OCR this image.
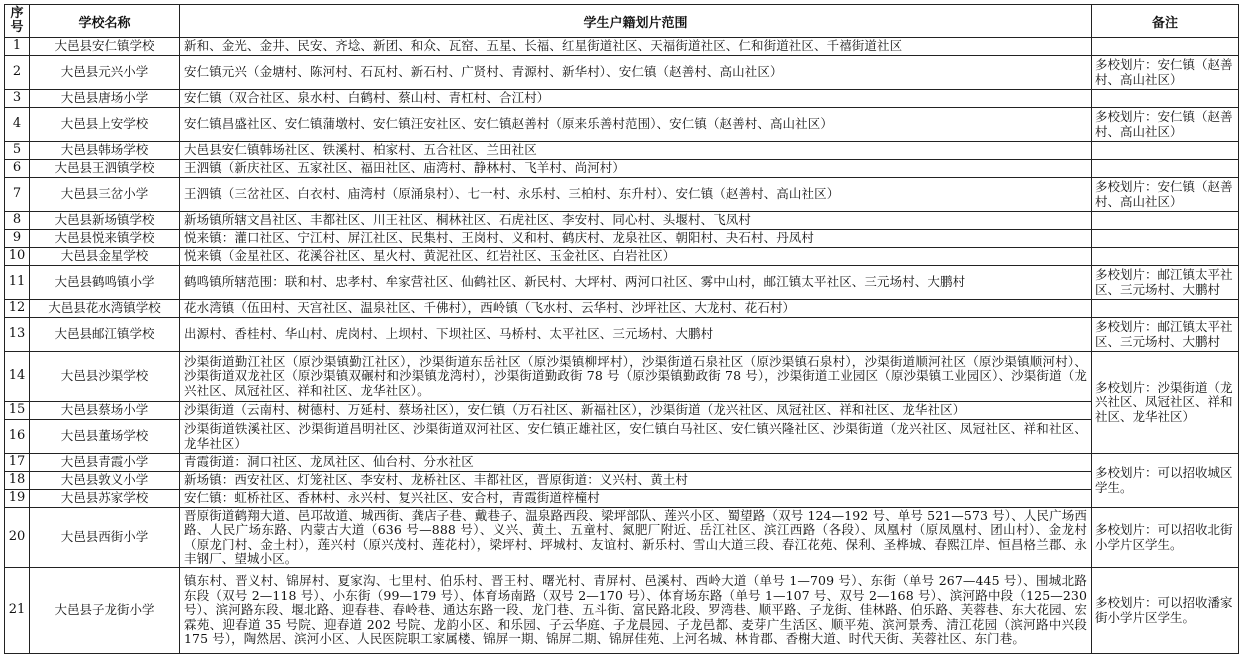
序号	学校名称	学生户籍划片范围	备注
1	大邑县安仁镇学校	新和、金光、金井、民安、齐埝、新团、和众、瓦窑、五星、长福、红星街道社区、天福街道社区、仁和街道社区、千禧街道社区	
2	大邑县元兴小学	安仁镇元兴（金塘村、陈河村、石瓦村、新石村、广贤村、青源村、新华村）、安仁镇（赵善村、高山社区）	多校划片：安仁镇（赵善村、高山社区）
3	大邑县唐场小学	安仁镇（双合社区、泉水村、白鹤村、蔡山村、青杠村、合江村）	
4	大邑县上安学校	安仁镇昌盛社区、安仁镇蒲墩村、安仁镇汪安社区、安仁镇赵善村（原来乐善村范围）、安仁镇（赵善村、高山社区）	多校划片：安仁镇（赵善村、高山社区）
5	大邑县韩场学校	大邑县安仁镇韩场社区、铁溪村、柏家村、五合社区、兰田社区	
6	大邑县王泗镇学校	王泗镇（新庆社区、五家社区、福田社区、庙湾村、静林村、飞羊村、尚河村）	
7	大邑县三岔小学	王泗镇（三岔社区、白衣村、庙湾村（原涌泉村）、七一村、永乐村、三柏村、东升村）、安仁镇（赵善村、高山社区）	多校划片：安仁镇（赵善村、高山社区）
8	大邑县新场镇学校	新场镇所辖文昌社区、丰都社区、川王社区、桐林社区、石虎社区、李安村、同心村、头堰村、飞凤村	
9	大邑县悦来镇学校	悦来镇：灌口社区、宁江村、屏江社区、民集村、王岗村、义和村、鹤庆村、龙泉社区、朝阳村、夬石村、丹凤村	
10	大邑县金星学校	悦来镇（金星社区、花溪谷社区、星火村、黄泥社区、红岩社区、玉金社区、白岩社区）	
11	大邑县鹤鸣镇小学	鹤鸣镇所辖范围：联和村、忠孝村、牟家营社区、仙鹤社区、新民村、大坪村、两河口社区、雾中山村，邮江镇太平社区、三元场村、大鹏村	多校划片：邮江镇太平社区、三元场村、大鹏村
12	大邑县花水湾镇学校	花水湾镇（伍田村、天宫社区、温泉社区、千佛村），西岭镇（飞水村、云华村、沙坪社区、大龙村、花石村）	
13	大邑县邮江镇学校	出源村、香桂村、华山村、虎岗村、上坝村、下坝社区、马桥村、太平社区、三元场村、大鹏村	多校划片：邮江镇太平社区、三元场村、大鹏村
14	大邑县沙渠学校	沙渠街道勤江社区（原沙渠镇勤江社区），沙渠街道东岳社区（原沙渠镇柳坪村），沙渠街道石泉社区（原沙渠镇石泉村），沙渠街道顺河社区（原沙渠镇顺河村）、沙渠街道双龙社区（原沙渠镇双碾村和沙渠镇龙湾村），沙渠街道勤政街 78 号（原沙渠镇勤政街 78 号），沙渠街道工业园区（原沙渠镇工业园区）、沙渠街道（龙兴社区、凤冠社区、祥和社区、龙华社区）。	多校划片：沙渠街道（龙兴社区、凤冠社区、祥和社区、龙华社区）
15	大邑县蔡场小学	沙渠街道（云南村、树德村、万延村、蔡场社区），安仁镇（万石社区、新福社区），沙渠街道（龙兴社区、凤冠社区、祥和社区、龙华社区）	
16	大邑县董场学校	沙渠街道铁溪社区、沙渠街道昌明社区、沙渠街道双河社区、安仁镇正雄社区，安仁镇白马社区、安仁镇兴隆社区、沙渠街道（龙兴社区、凤冠社区、祥和社区、龙华社区）	
17	大邑县青霞小学	青霞街道：洞口社区、龙凤社区、仙台村、分水社区	多校划片：可以招收城区学生。
18	大邑县敦义小学	新场镇：西安社区、灯笼社区、李安村、龙桥社区、丰都社区，晋原街道：义兴村、黄土村	
19	大邑县苏家学校	安仁镇：虹桥社区、香林村、永兴村、复兴社区、安合村，青霞街道梓橦村	
20	大邑县西街小学	晋原街道鹤翔大道、邑邛故道、城西街、龚店子巷、戴巷子、温泉路西段、梁坪部队、莲兴小区、蜀望路（双号 124—192 号、单号 521—573 号）、人民广场西路、人民广场东路、内蒙古大道（636 号—888 号）、义兴、黄土、五童村、氮肥厂附近、岳江社区、滨江西路（各段）、凤凰村（原凤凰村、团山村）、金龙村（原龙门村、金土村），莲兴村（原兴茂村、莲花村），梁坪村、坪城村、友谊村、新乐村、雪山大道三段、春江花苑、保利、圣桦城、春熙江岸、恒昌格兰郡、永丰钢厂、望城小区。	多校划片：可以招收北街小学片区学生。
21	大邑县子龙街小学	镇东村、晋义村、锦屏村、夏家沟、七里村、伯乐村、晋王村、曙光村、青屏村、邑溪村、西岭大道（单号 1—709 号）、东街（单号 267—445 号）、围城北路东段（双号 2—118 号）、小东街（99—179 号）、体育场南路（双号 2—170 号）、体育场东路（单号 1—107 号、双号 2—168 号）、滨河路中段（125—230 号）、滨河路东段、堰北路、迎春巷、春岭巷、通达东路一段、龙门巷、五斗街、富民路北段、罗湾巷、顺平路、子龙街、佳林路、伯乐路、芙蓉巷、东大花园、宏霖苑、迎春道 35 号院、迎春道 202 号院、龙韵小区、和乐园、子云华庭、子龙晨园、子龙邑都、麦芽广生活区、顺平苑、滨河景秀、清江花园（滨河路中兴段 175 号），陶然居、滨河小区、人民医院职工家属楼、锦屏一期、锦屏二期、锦屏佳苑、上河名城、林肯郡、香榭大道、时代天街、芙蓉社区、东门巷。	多校划片：可以招收潘家街小学片区学生。
